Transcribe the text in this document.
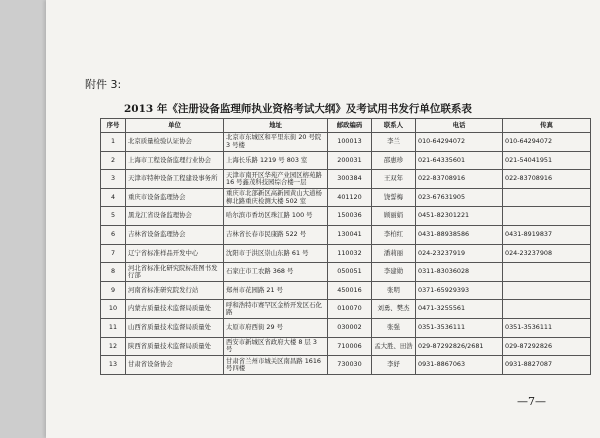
附件 3:
2013 年《注册设备监理师执业资格考试大纲》及考试用书发行单位联系表
序号	单位	地址	邮政编码	联系人	电话	传真
1	北京质量检验认证协会	北京市东城区和平里东街 20 号院 3 号楼	100013	李兰	010-64294072	010-64294072
2	上海市工程设备监理行业协会	上海长乐路 1219 号 803 室	200031	邵惠珍	021-64335601	021-54041951
3	天津市特种设备工程建设事务所	天津市南开区华苑产业园区榕苑路 16 号鑫茂科技园综合楼一层	300384	王双年	022-83708916	022-83708916
4	重庆市设备监理协会	重庆市北部新区高新园黄山大道杨柳北路重庆检测大楼 502 室	401120	饶誓梅	023-67631905	
5	黑龙江省设备监理协会	哈尔滨市香坊区珠江路 100 号	150036	顾丽娟	0451-82301221	
6	吉林省设备监理协会	吉林省长春市民康路 522 号	130041	李柏红	0431-88938586	0431-8919837
7	辽宁省标准样品开发中心	沈阳市于洪区崇山东路 61 号	110032	潘莉丽	024-23237919	024-23237908
8	河北省标准化研究院标准图书发行部	石家庄市工农路 368 号	050051	李建勋	0311-83036028	
9	河南省标准研究院发行站	郑州市花园路 21 号	450016	张明	0371-65929393	
10	内蒙古质量技术监督局质量处	呼和浩特市赛罕区金桥开发区石化路	010070	刘勇、樊杰	0471-3255561	
11	山西省质量技术监督局质量处	太原市府西街 29 号	030002	张强	0351-3536111	0351-3536111
12	陕西省质量技术监督局质量处	西安市新城区省政府大楼 8 层 3 号	710006	孟大胜、田浩	029-87292826/2681	029-87292826
13	甘肃省设备协会	甘肃省兰州市城关区南昌路 1616 号四楼	730030	李妤	0931-8867063	0931-8827087
—7—
